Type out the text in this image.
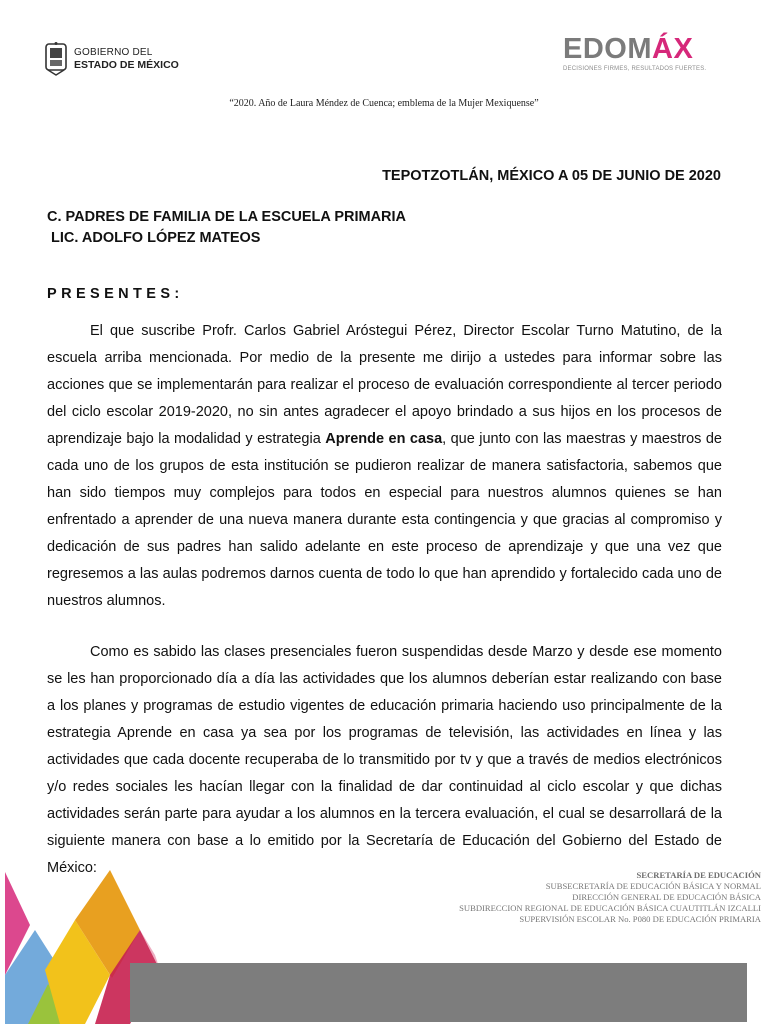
GOBIERNO DEL
ESTADO DE MÉXICO	EDOMÁX
DECISIONES FIRMES, RESULTADOS FUERTES.
“2020. Año de Laura Méndez de Cuenca; emblema de la Mujer Mexiquense”
TEPOTZOTLÁN, MÉXICO A 05 DE JUNIO DE 2020
C. PADRES DE FAMILIA DE LA ESCUELA PRIMARIA
LIC. ADOLFO LÓPEZ MATEOS
PRESENTES:

El que suscribe Profr. Carlos Gabriel Aróstegui Pérez, Director Escolar Turno Matutino, de la escuela arriba mencionada. Por medio de la presente me dirijo a ustedes para informar sobre las acciones que se implementarán para realizar el proceso de evaluación correspondiente al tercer periodo del ciclo escolar 2019-2020, no sin antes agradecer el apoyo brindado a sus hijos en los procesos de aprendizaje bajo la modalidad y estrategia Aprende en casa, que junto con las maestras y maestros de cada uno de los grupos de esta institución se pudieron realizar de manera satisfactoria, sabemos que han sido tiempos muy complejos para todos en especial para nuestros alumnos quienes se han enfrentado a aprender de una nueva manera durante esta contingencia y que gracias al compromiso y dedicación de sus padres han salido adelante en este proceso de aprendizaje y que una vez que regresemos a las aulas podremos darnos cuenta de todo lo que han aprendido y fortalecido cada uno de nuestros alumnos.

Como es sabido las clases presenciales fueron suspendidas desde Marzo y desde ese momento se les han proporcionado día a día las actividades que los alumnos deberían estar realizando con base a los planes y programas de estudio vigentes de educación primaria haciendo uso principalmente de la estrategia Aprende en casa ya sea por los programas de televisión, las actividades en línea y las actividades que cada docente recuperaba de lo transmitido por tv y que a través de medios electrónicos y/o redes sociales les hacían llegar con la finalidad de dar continuidad al ciclo escolar y que dichas actividades serán parte para ayudar a los alumnos en la tercera evaluación, el cual se desarrollará de la siguiente manera con base a lo emitido por la Secretaría de Educación del Gobierno del Estado de México:	SECRETARÍA DE EDUCACIÓN
SUBSECRETARÍA DE EDUCACIÓN BÁSICA Y NORMAL
DIRECCIÓN GENERAL DE EDUCACIÓN BÁSICA
SUBDIRECCION REGIONAL DE EDUCACIÓN BÁSICA CUAUTITLÁN IZCALLI
SUPERVISIÓN ESCOLAR No. P080 DE EDUCACIÓN PRIMARIA
